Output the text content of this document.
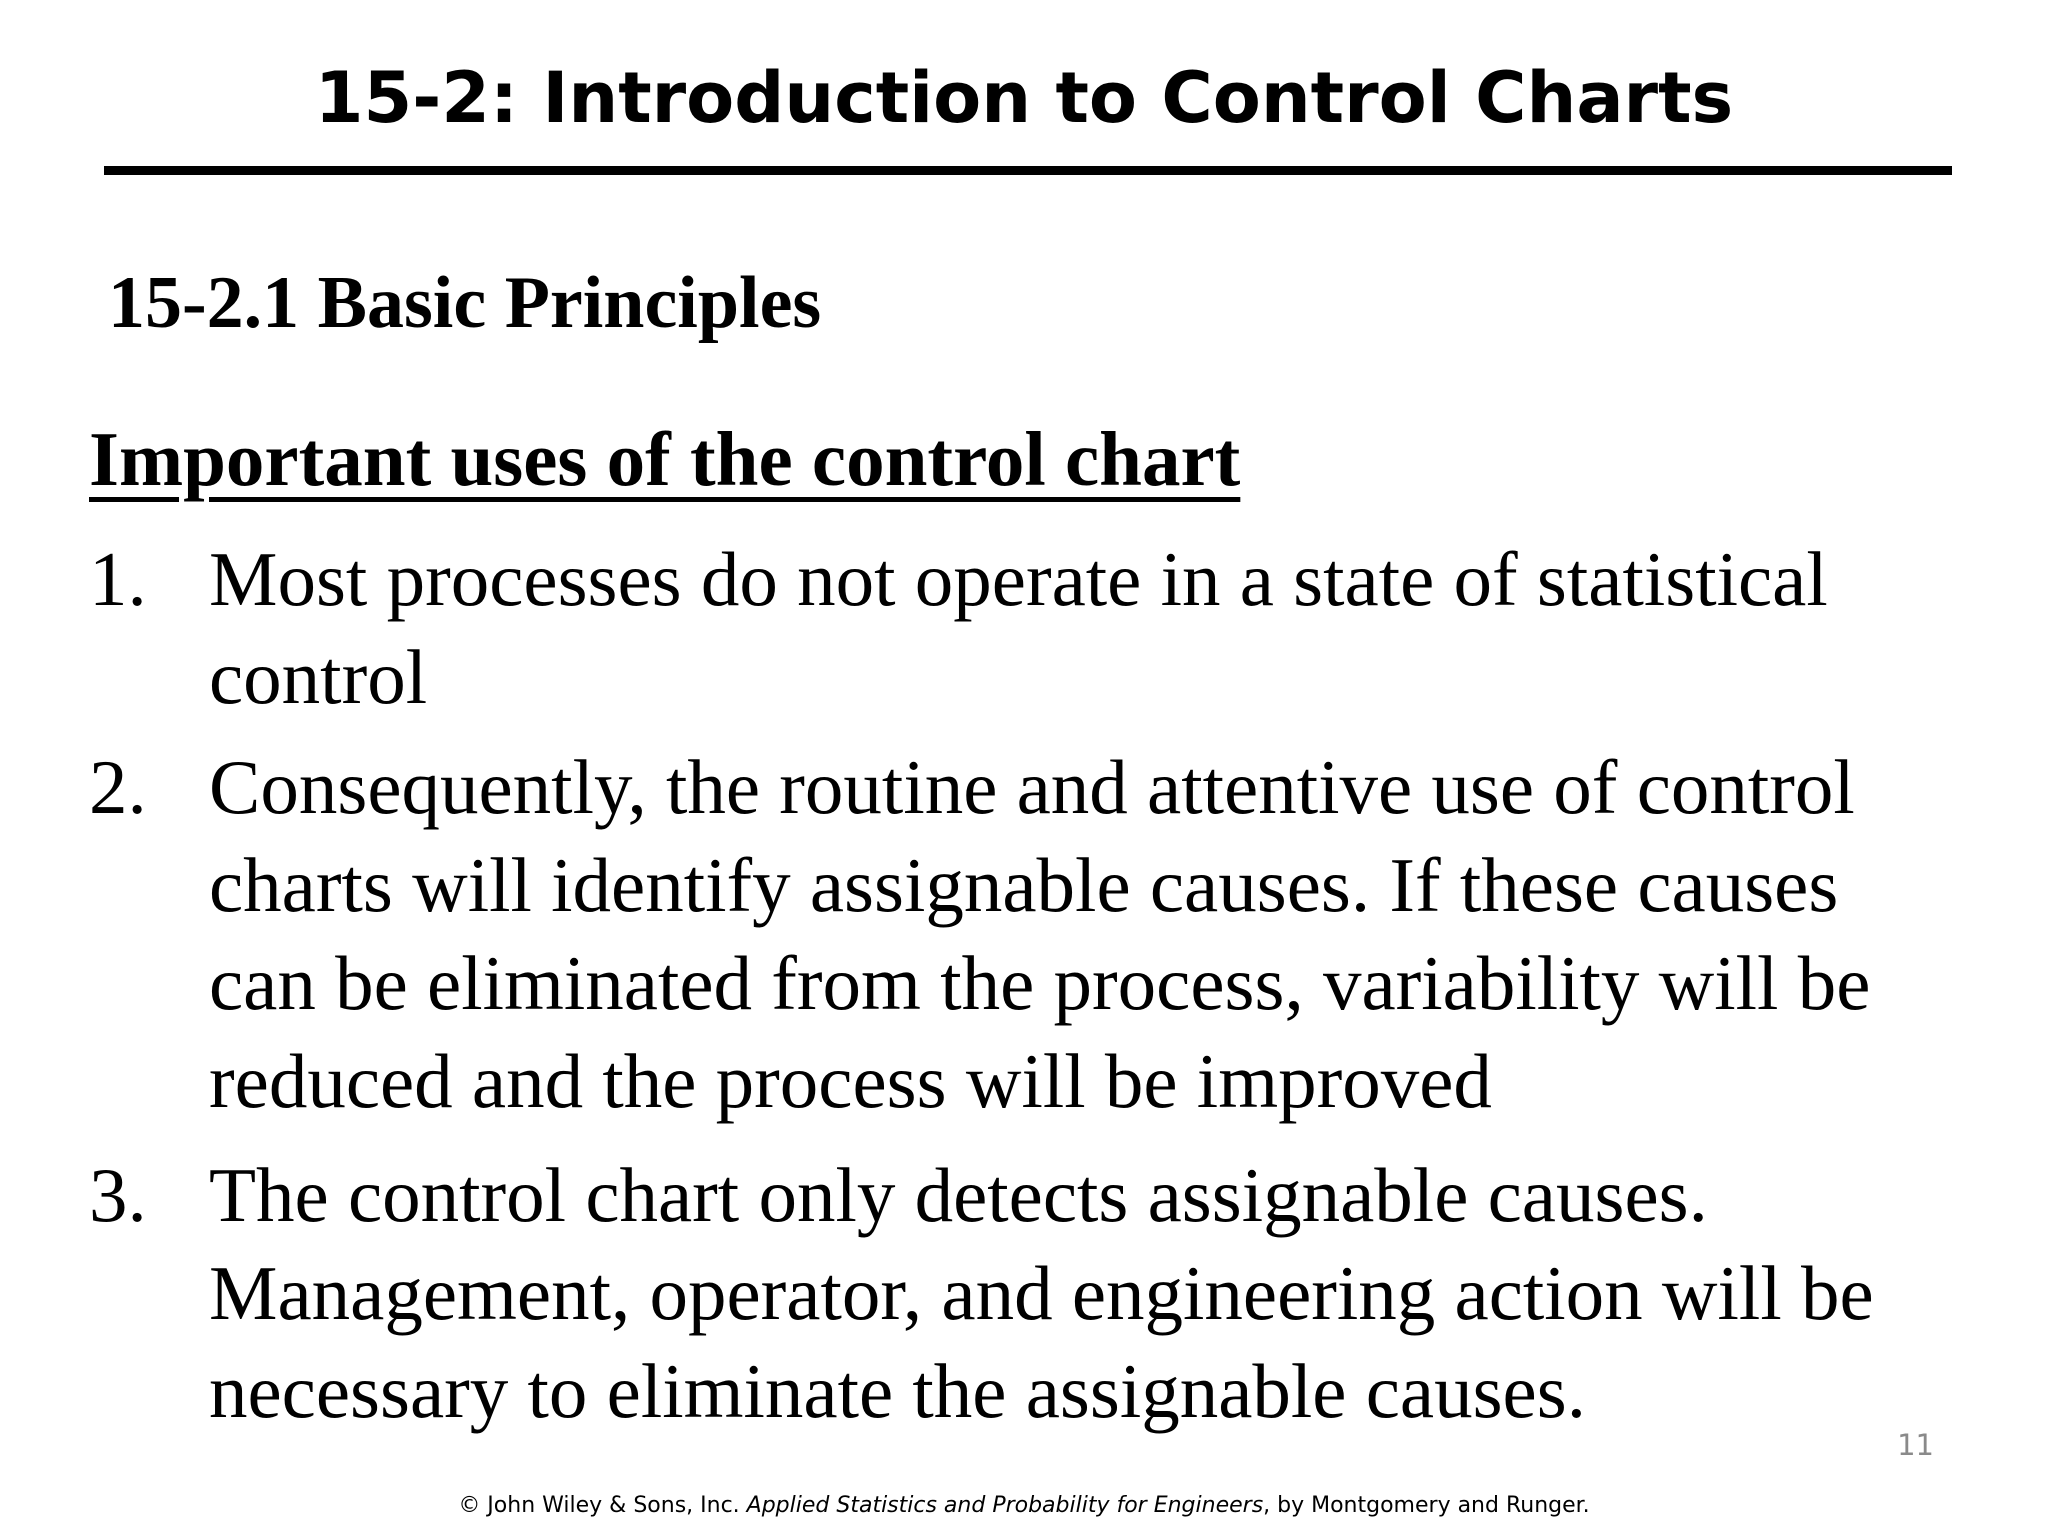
15-2: Introduction to Control Charts
15-2.1 Basic Principles
Important uses of the control chart
1. Most processes do not operate in a state of statistical
control
2. Consequently, the routine and attentive use of control
charts will identify assignable causes. If these causes
can be eliminated from the process, variability will be
reduced and the process will be improved
3. The control chart only detects assignable causes.
Management, operator, and engineering action will be
necessary to eliminate the assignable causes.
11
© John Wiley & Sons, Inc. Applied Statistics and Probability for Engineers, by Montgomery and Runger.
